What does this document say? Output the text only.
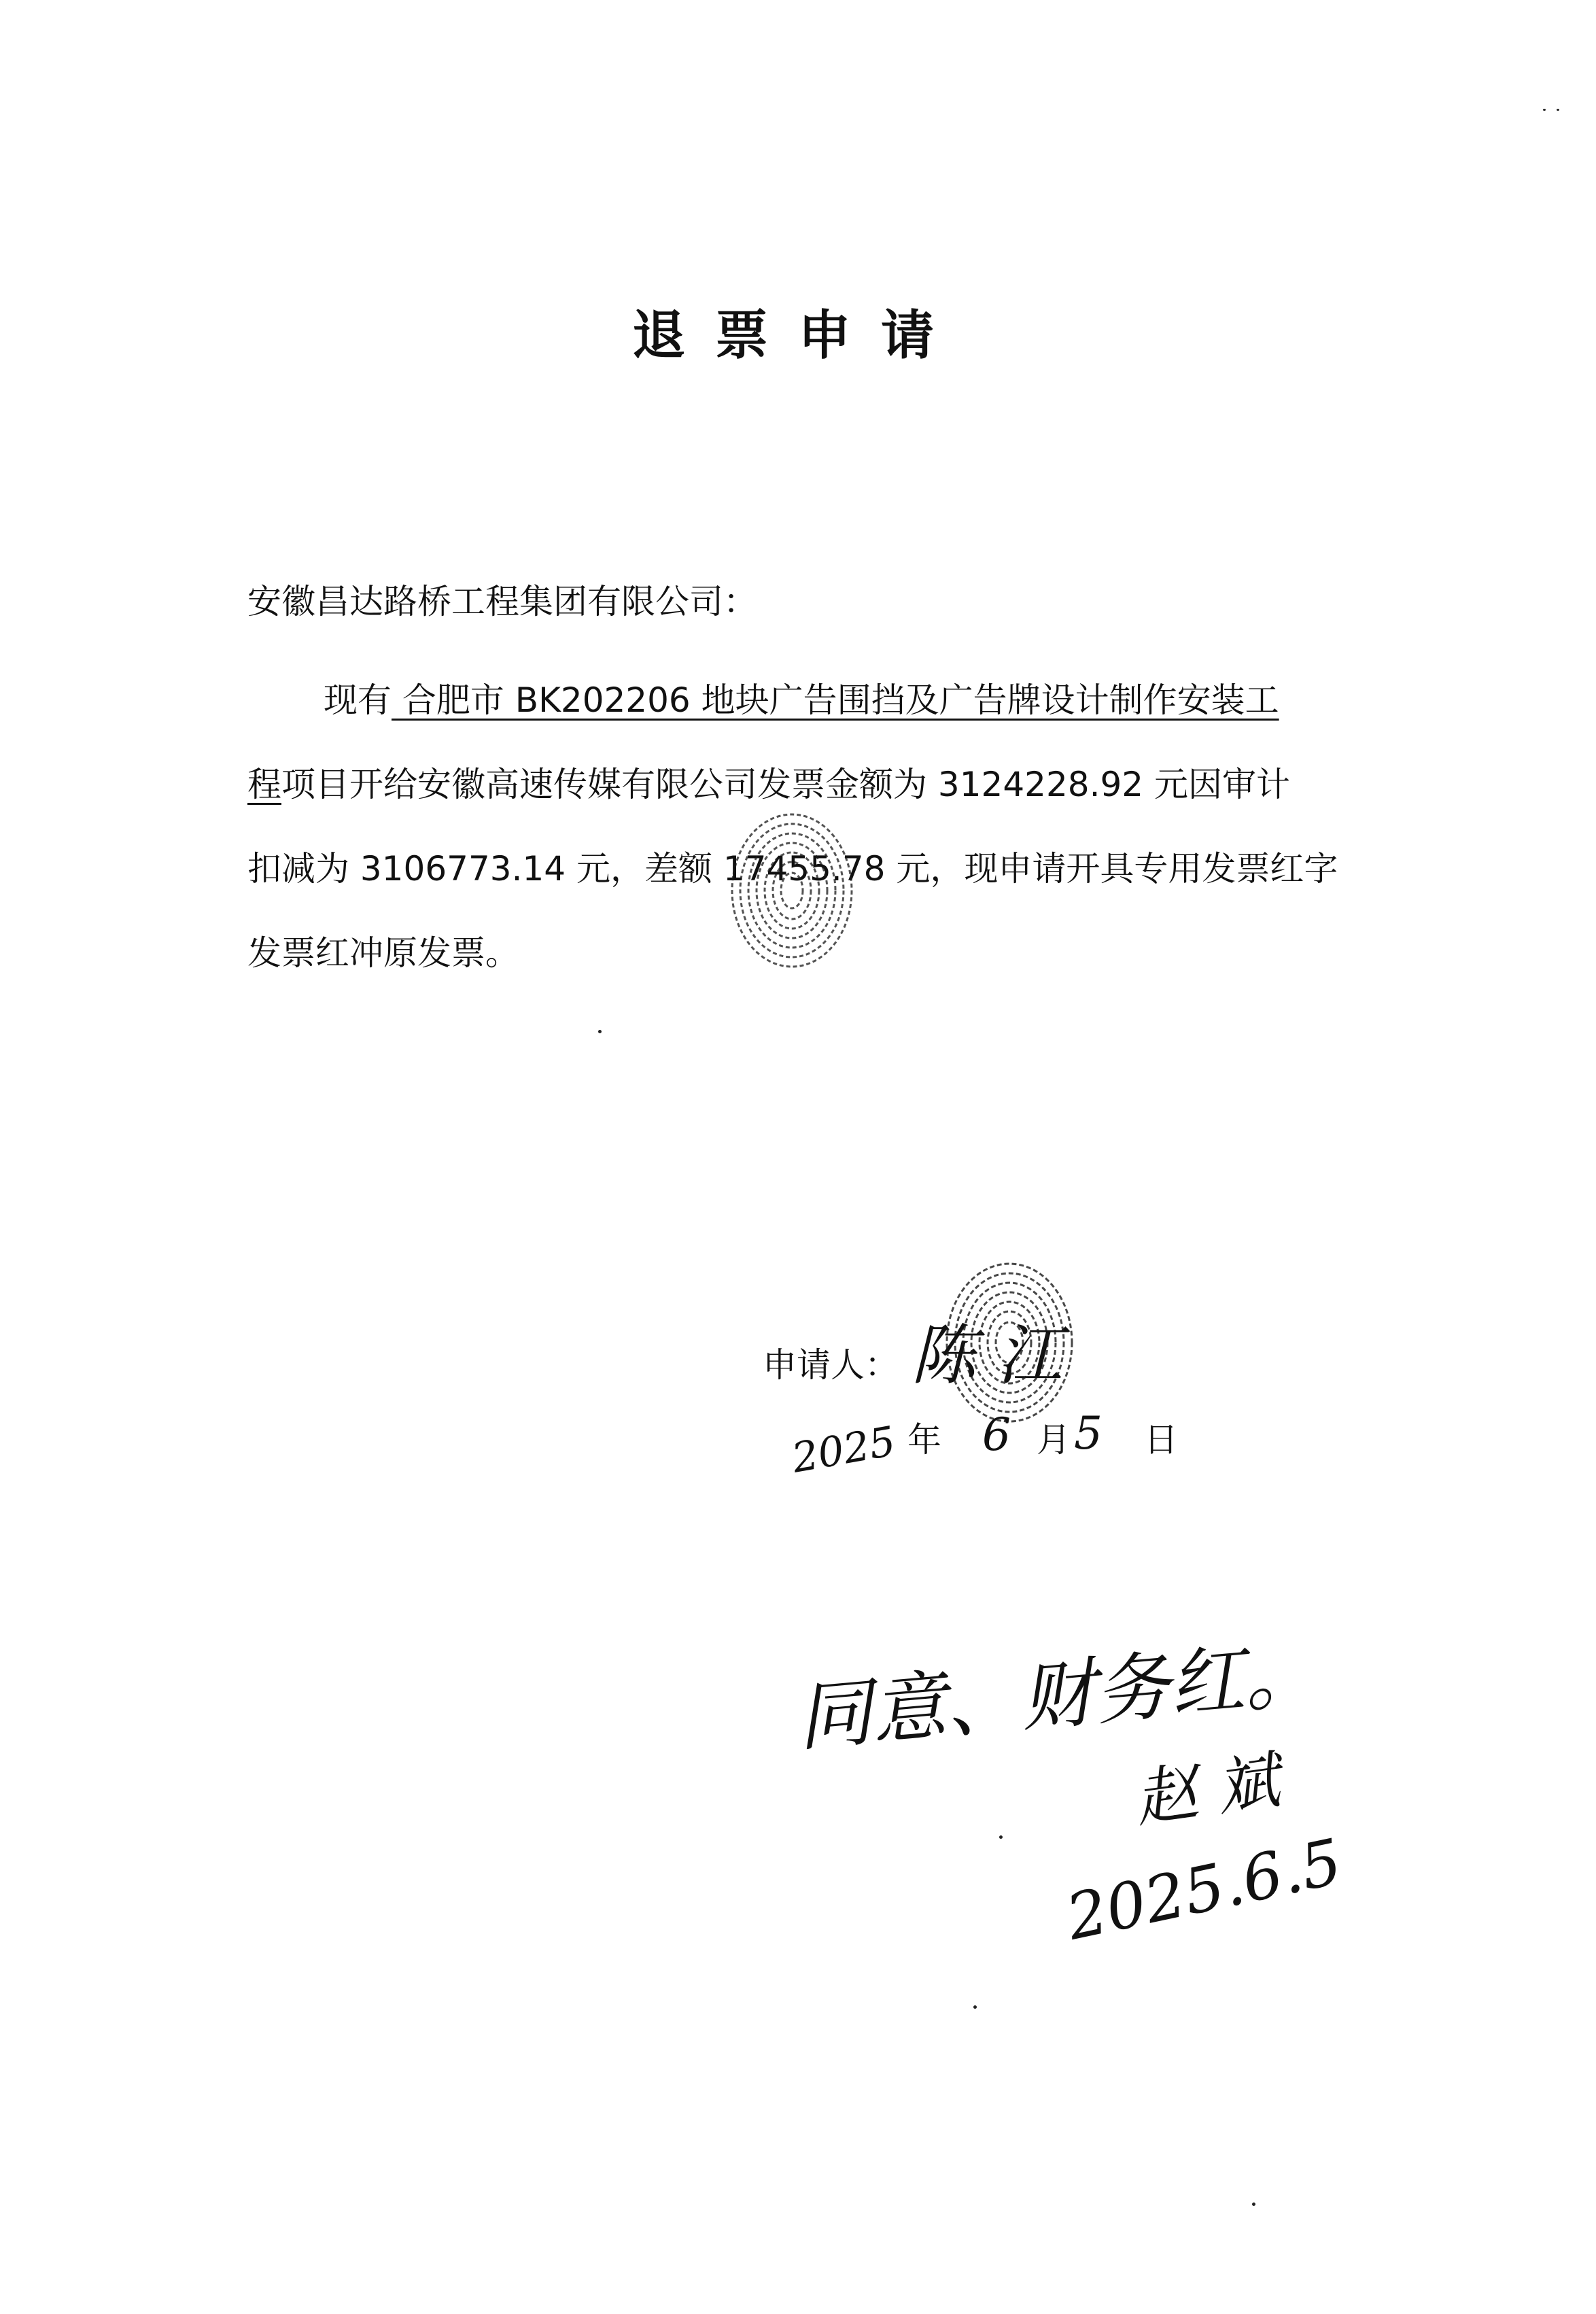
退票申请
安徽昌达路桥工程集团有限公司：
现有 合肥市 BK202206 地块广告围挡及广告牌设计制作安装工
程项目开给安徽高速传媒有限公司发票金额为 3124228.92 元因审计
扣减为 3106773.14 元，差额 17455.78 元，现申请开具专用发票红字
发票红冲原发票。
申请人： 陈 江
2025 年 6 月 5 日
同意、财务红。
赵 斌
2025.6.5
